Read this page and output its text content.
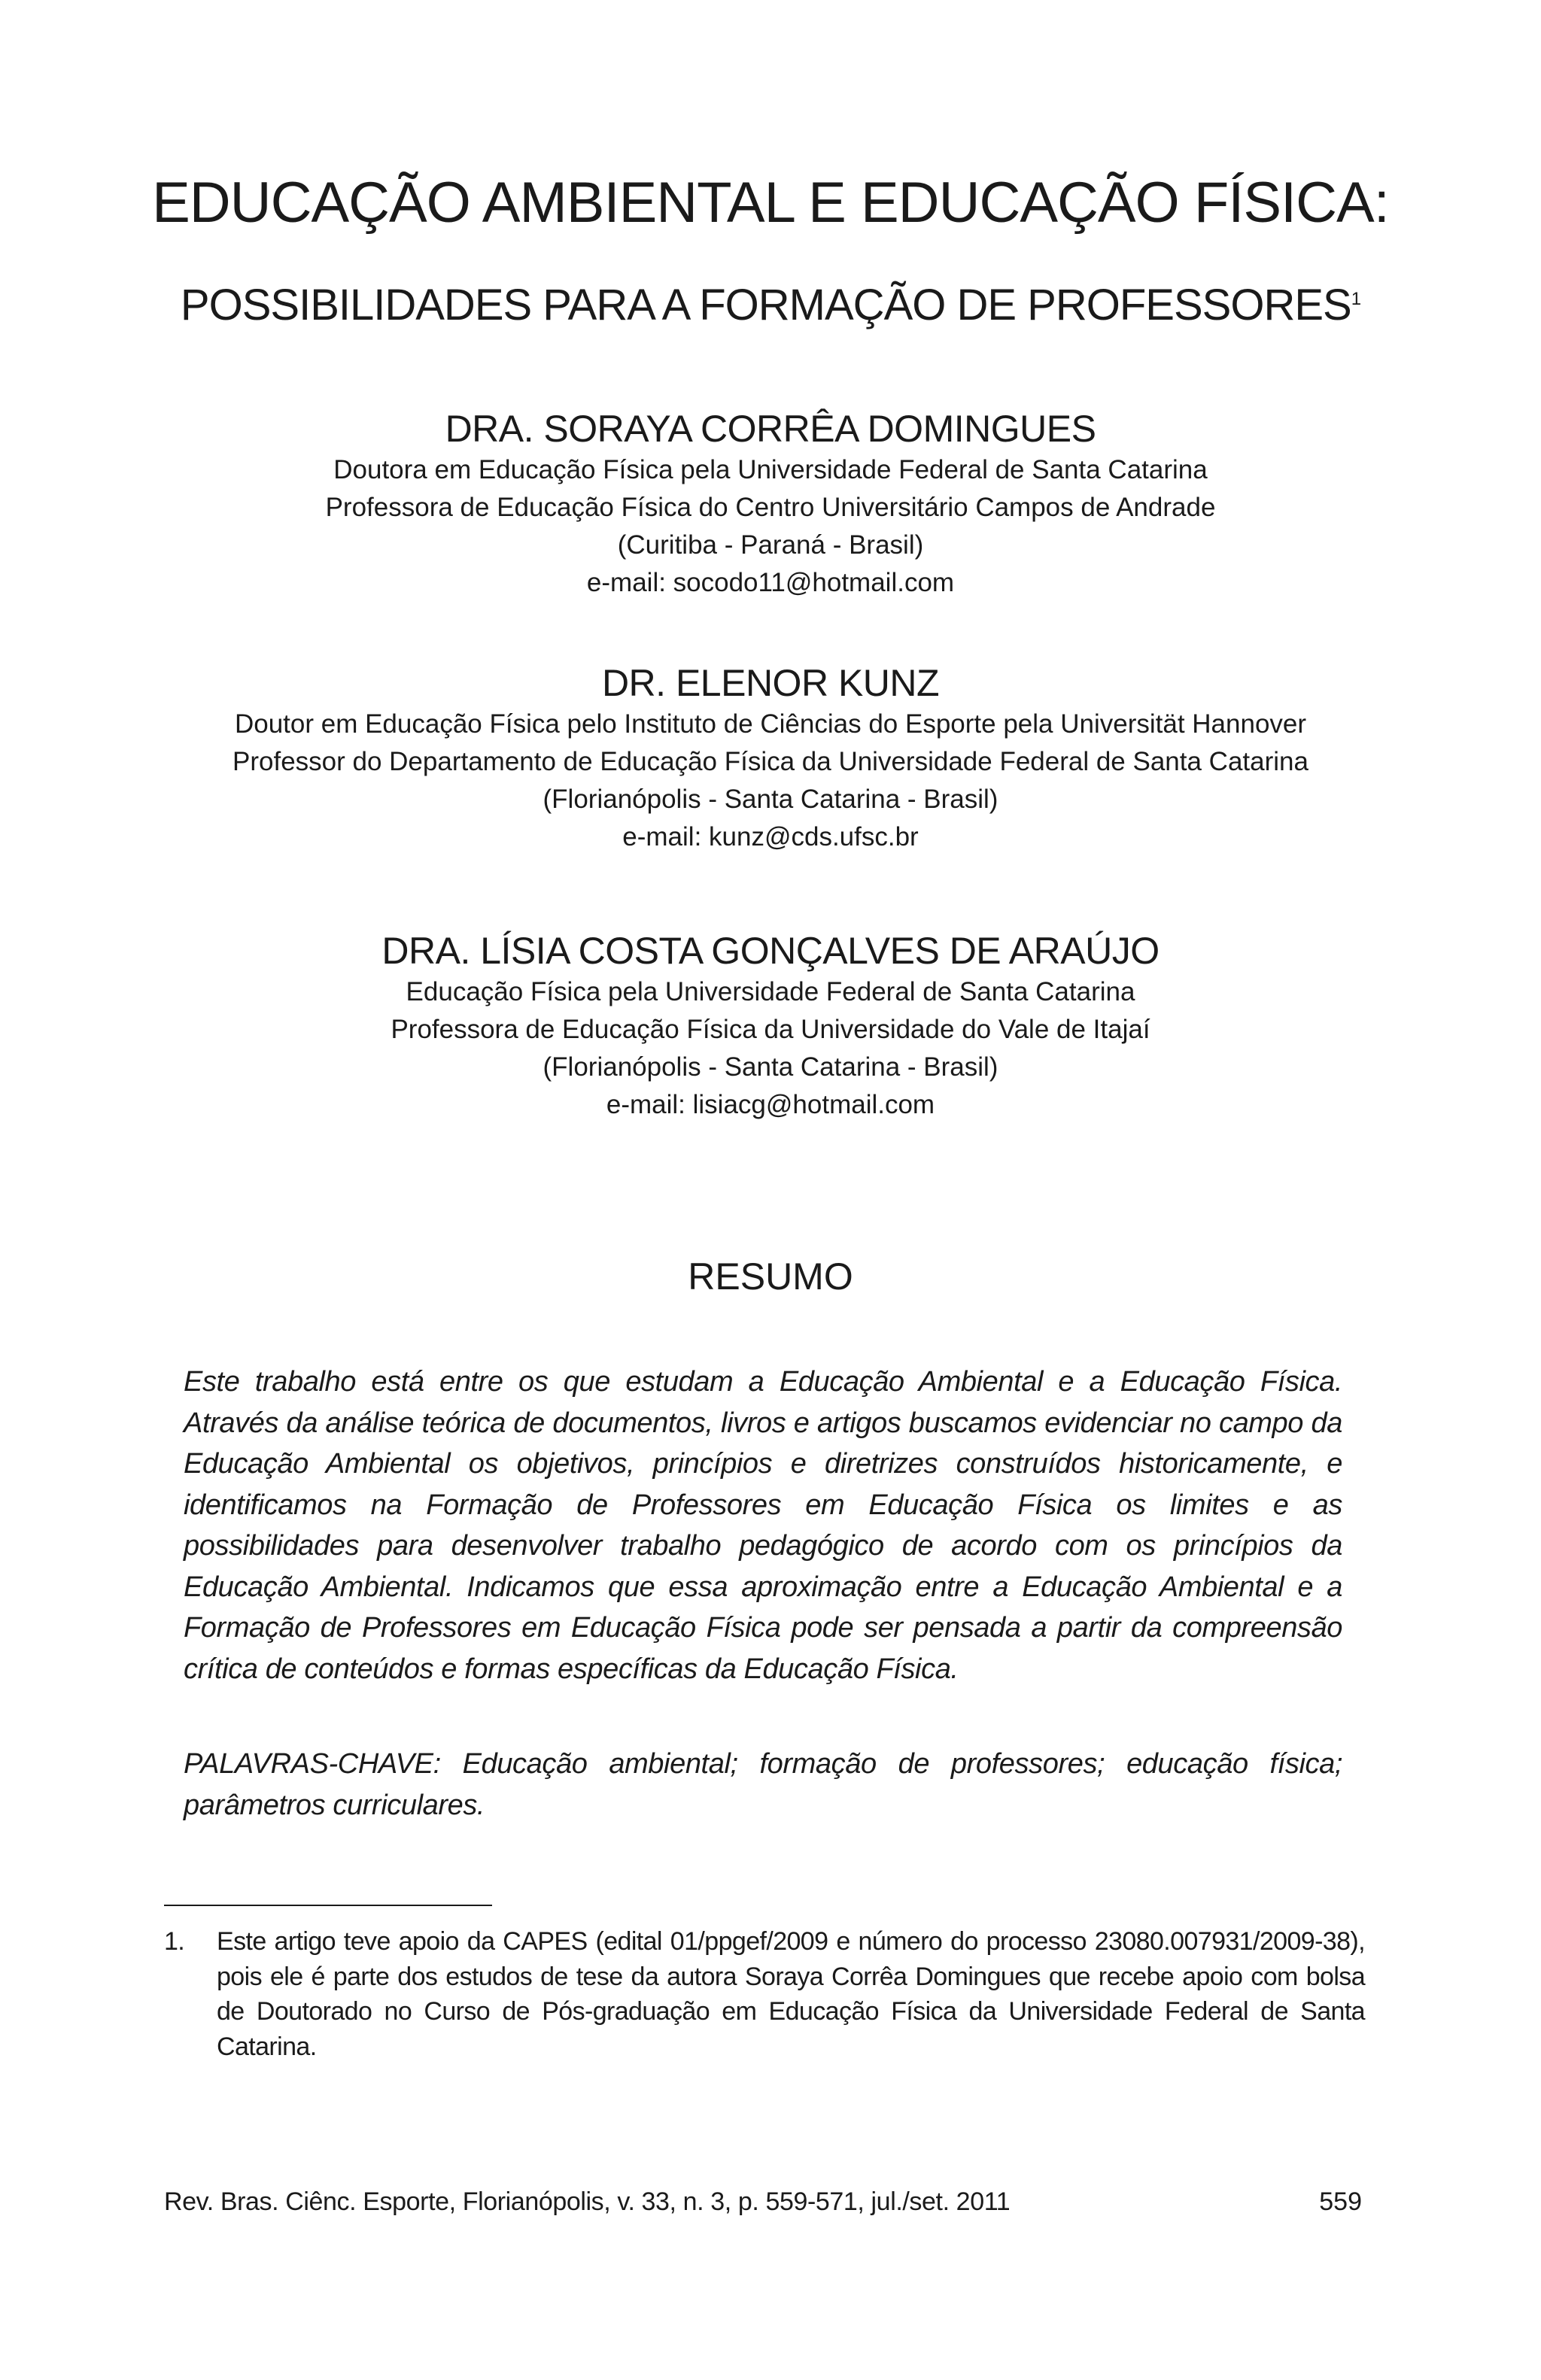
EDUCAÇÃO AMBIENTAL E EDUCAÇÃO FÍSICA:
POSSIBILIDADES PARA A FORMAÇÃO DE PROFESSORES$^1$
DRA. SORAYA CORRÊA DOMINGUES
Doutora em Educação Física pela Universidade Federal de Santa Catarina
Professora de Educação Física do Centro Universitário Campos de Andrade
(Curitiba - Paraná - Brasil)
e-mail: socodo11@hotmail.com
DR. ELENOR KUNZ
Doutor em Educação Física pelo Instituto de Ciências do Esporte pela Universität Hannover
Professor do Departamento de Educação Física da Universidade Federal de Santa Catarina
(Florianópolis - Santa Catarina - Brasil)
e-mail: kunz@cds.ufsc.br
DRA. LÍSIA COSTA GONÇALVES DE ARAÚJO
Educação Física pela Universidade Federal de Santa Catarina
Professora de Educação Física da Universidade do Vale de Itajaí
(Florianópolis - Santa Catarina - Brasil)
e-mail: lisiacg@hotmail.com
RESUMO

Este trabalho está entre os que estudam a Educação Ambiental e a Educação Física. Através da análise teórica de documentos, livros e artigos buscamos evidenciar no campo da Educação Ambiental os objetivos, princípios e diretrizes construídos historicamente, e identificamos na Formação de Professores em Educação Física os limites e as possibilidades para desenvolver trabalho pedagógico de acordo com os princípios da Educação Ambiental. Indicamos que essa aproximação entre a Educação Ambiental e a Formação de Professores em Educação Física pode ser pensada a partir da compreensão crítica de conteúdos e formas específicas da Educação Física.

PALAVRAS-CHAVE: Educação ambiental; formação de professores; educação física; parâmetros curriculares.

1. Este artigo teve apoio da CAPES (edital 01/ppgef/2009 e número do processo 23080.007931/2009-38), pois ele é parte dos estudos de tese da autora Soraya Corrêa Domingues que recebe apoio com bolsa de Doutorado no Curso de Pós-graduação em Educação Física da Universidade Federal de Santa Catarina.
Rev. Bras. Ciênc. Esporte, Florianópolis, v. 33, n. 3, p. 559-571, jul./set. 2011	559
